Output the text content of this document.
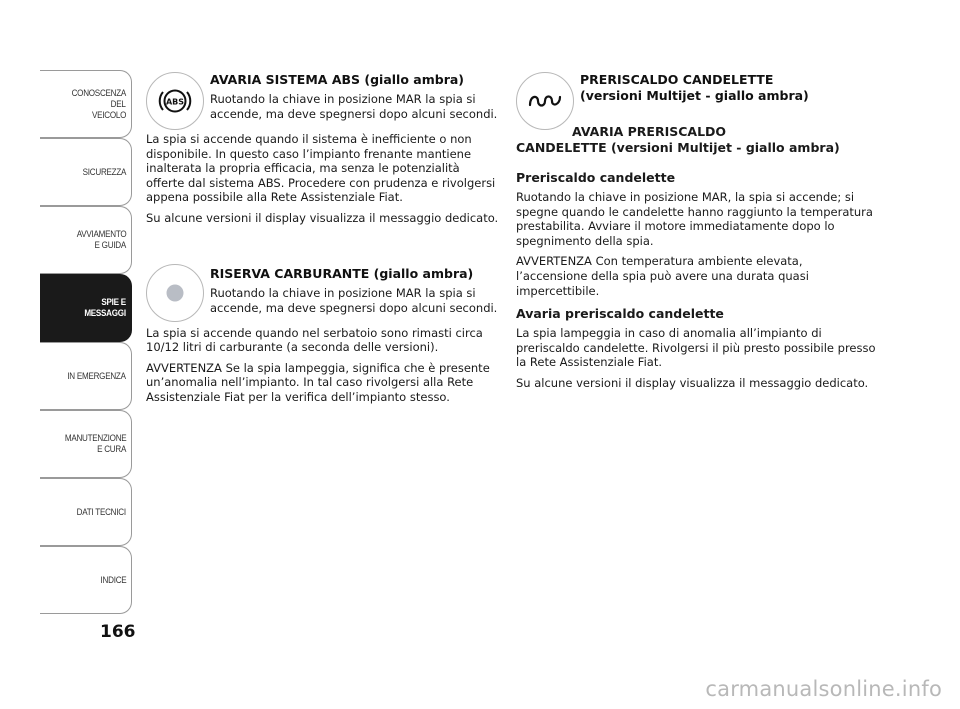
CONOSCENZA
DEL
VEICOLO
SICUREZZA
AVVIAMENTO
E GUIDA
SPIE E
MESSAGGI
IN EMERGENZA
MANUTENZIONE
E CURA
DATI TECNICI
INDICE
166
ABS
AVARIA SISTEMA ABS (giallo ambra)
Ruotando la chiave in posizione MAR la spia si accende, ma deve spegnersi dopo alcuni secondi.

La spia si accende quando il sistema è inefficiente o non disponibile. In questo caso l’impianto frenante mantiene inalterata la propria efficacia, ma senza le potenzialità offerte dal sistema ABS. Procedere con prudenza e rivolgersi appena possibile alla Rete Assistenziale Fiat.

Su alcune versioni il display visualizza il messaggio dedicato.

RISERVA CARBURANTE (giallo ambra)
Ruotando la chiave in posizione MAR la spia si accende, ma deve spegnersi dopo alcuni secondi.

La spia si accende quando nel serbatoio sono rimasti circa 10/12 litri di carburante (a seconda delle versioni).

AVVERTENZA Se la spia lampeggia, significa che è presente un’anomalia nell’impianto. In tal caso rivolgersi alla Rete Assistenziale Fiat per la verifica dell’impianto stesso.

PRERISCALDO CANDELETTE
(versioni Multijet - giallo ambra)
AVARIA PRERISCALDO
CANDELETTE (versioni Multijet - giallo ambra)
Preriscaldo candelette

Ruotando la chiave in posizione MAR, la spia si accende; si spegne quando le candelette hanno raggiunto la temperatura prestabilita. Avviare il motore immediatamente dopo lo spegnimento della spia.

AVVERTENZA Con temperatura ambiente elevata, l’accensione della spia può avere una durata quasi impercettibile.

Avaria preriscaldo candelette

La spia lampeggia in caso di anomalia all’impianto di preriscaldo candelette. Rivolgersi il più presto possibile presso la Rete Assistenziale Fiat.

Su alcune versioni il display visualizza il messaggio dedicato.

carmanualsonline.info
